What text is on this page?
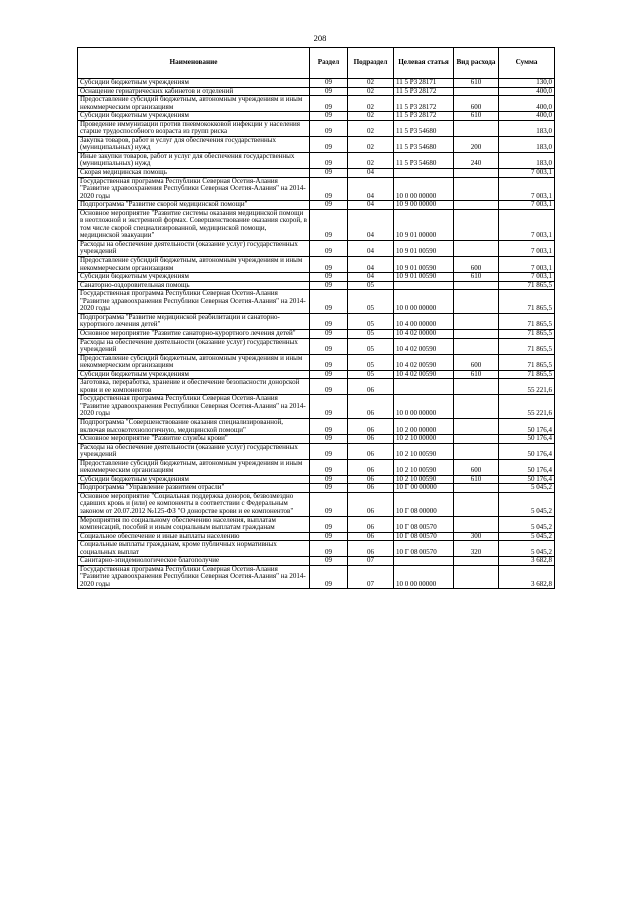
208
Наименование	Раздел	Подраздел	Целевая статья	Вид расхода	Сумма
Субсидии бюджетным учреждениям	09	02	11 5 Р3 28171	610	130,0
Оснащение гериатрических кабинетов и отделений	09	02	11 5 Р3 28172		400,0
Предоставление субсидий бюджетным, автономным учреждениям и иным некоммерческим организациям	09	02	11 5 Р3 28172	600	400,0
Субсидии бюджетным учреждениям	09	02	11 5 Р3 28172	610	400,0
Проведение иммунизации против пневмококковой инфекции у населения старше трудоспособного возраста из групп риска	09	02	11 5 Р3 54680		183,0
Закупка товаров, работ и услуг для обеспечения государственных (муниципальных) нужд	09	02	11 5 Р3 54680	200	183,0
Иные закупки товаров, работ и услуг для обеспечения государственных (муниципальных) нужд	09	02	11 5 Р3 54680	240	183,0
Скорая медицинская помощь	09	04			7 003,1
Государственная программа Республики Северная Осетия-Алания "Развитие здравоохранения Республики Северная Осетия-Алания" на 2014-2020 годы	09	04	10 0 00 00000		7 003,1
Подпрограмма "Развитие скорой медицинской помощи"	09	04	10 9 00 00000		7 003,1
Основное мероприятие "Развитие системы оказания медицинской помощи в неотложной и экстренной формах. Совершенствование оказания скорой, в том числе скорой специализированной, медицинской помощи, медицинской эвакуации"	09	04	10 9 01 00000		7 003,1
Расходы на обеспечение деятельности (оказание услуг) государственных учреждений	09	04	10 9 01 00590		7 003,1
Предоставление субсидий бюджетным, автономным учреждениям и иным некоммерческим организациям	09	04	10 9 01 00590	600	7 003,1
Субсидии бюджетным учреждениям	09	04	10 9 01 00590	610	7 003,1
Санаторно-оздоровительная помощь	09	05			71 865,5
Государственная программа Республики Северная Осетия-Алания "Развитие здравоохранения Республики Северная Осетия-Алания" на 2014-2020 годы	09	05	10 0 00 00000		71 865,5
Подпрограмма "Развитие медицинской реабилитации и санаторно-курортного лечения детей"	09	05	10 4 00 00000		71 865,5
Основное мероприятие "Развитие санаторно-курортного лечения детей"	09	05	10 4 02 00000		71 865,5
Расходы на обеспечение деятельности (оказание услуг) государственных учреждений	09	05	10 4 02 00590		71 865,5
Предоставление субсидий бюджетным, автономным учреждениям и иным некоммерческим организациям	09	05	10 4 02 00590	600	71 865,5
Субсидии бюджетным учреждениям	09	05	10 4 02 00590	610	71 865,5
Заготовка, переработка, хранение и обеспечение безопасности донорской крови и ее компонентов	09	06			55 221,6
Государственная программа Республики Северная Осетия-Алания "Развитие здравоохранения Республики Северная Осетия-Алания" на 2014-2020 годы	09	06	10 0 00 00000		55 221,6
Подпрограмма "Совершенствование оказания специализированной, включая высокотехнологичную, медицинской помощи"	09	06	10 2 00 00000		50 176,4
Основное мероприятие "Развитие службы крови"	09	06	10 2 10 00000		50 176,4
Расходы на обеспечение деятельности (оказание услуг) государственных учреждений	09	06	10 2 10 00590		50 176,4
Предоставление субсидий бюджетным, автономным учреждениям и иным некоммерческим организациям	09	06	10 2 10 00590	600	50 176,4
Субсидии бюджетным учреждениям	09	06	10 2 10 00590	610	50 176,4
Подпрограмма "Управление развитием отрасли"	09	06	10 Г 00 00000		5 045,2
Основное мероприятие "Социальная поддержка доноров, безвозмездно сдавших кровь и (или) ее компоненты в соответствии с Федеральным законом от 20.07.2012 №125-ФЗ "О донорстве крови и ее компонентов"	09	06	10 Г 08 00000		5 045,2
Мероприятия по социальному обеспечению населения, выплатам компенсаций, пособий и иным социальным выплатам гражданам	09	06	10 Г 08 00570		5 045,2
Социальное обеспечение и иные выплаты населению	09	06	10 Г 08 00570	300	5 045,2
Социальные выплаты гражданам, кроме публичных нормативных социальных выплат	09	06	10 Г 08 00570	320	5 045,2
Санитарно-эпидемиологическое благополучие	09	07			3 682,8
Государственная программа Республики Северная Осетия-Алания "Развитие здравоохранения Республики Северная Осетия-Алания" на 2014-2020 годы	09	07	10 0 00 00000		3 682,8
